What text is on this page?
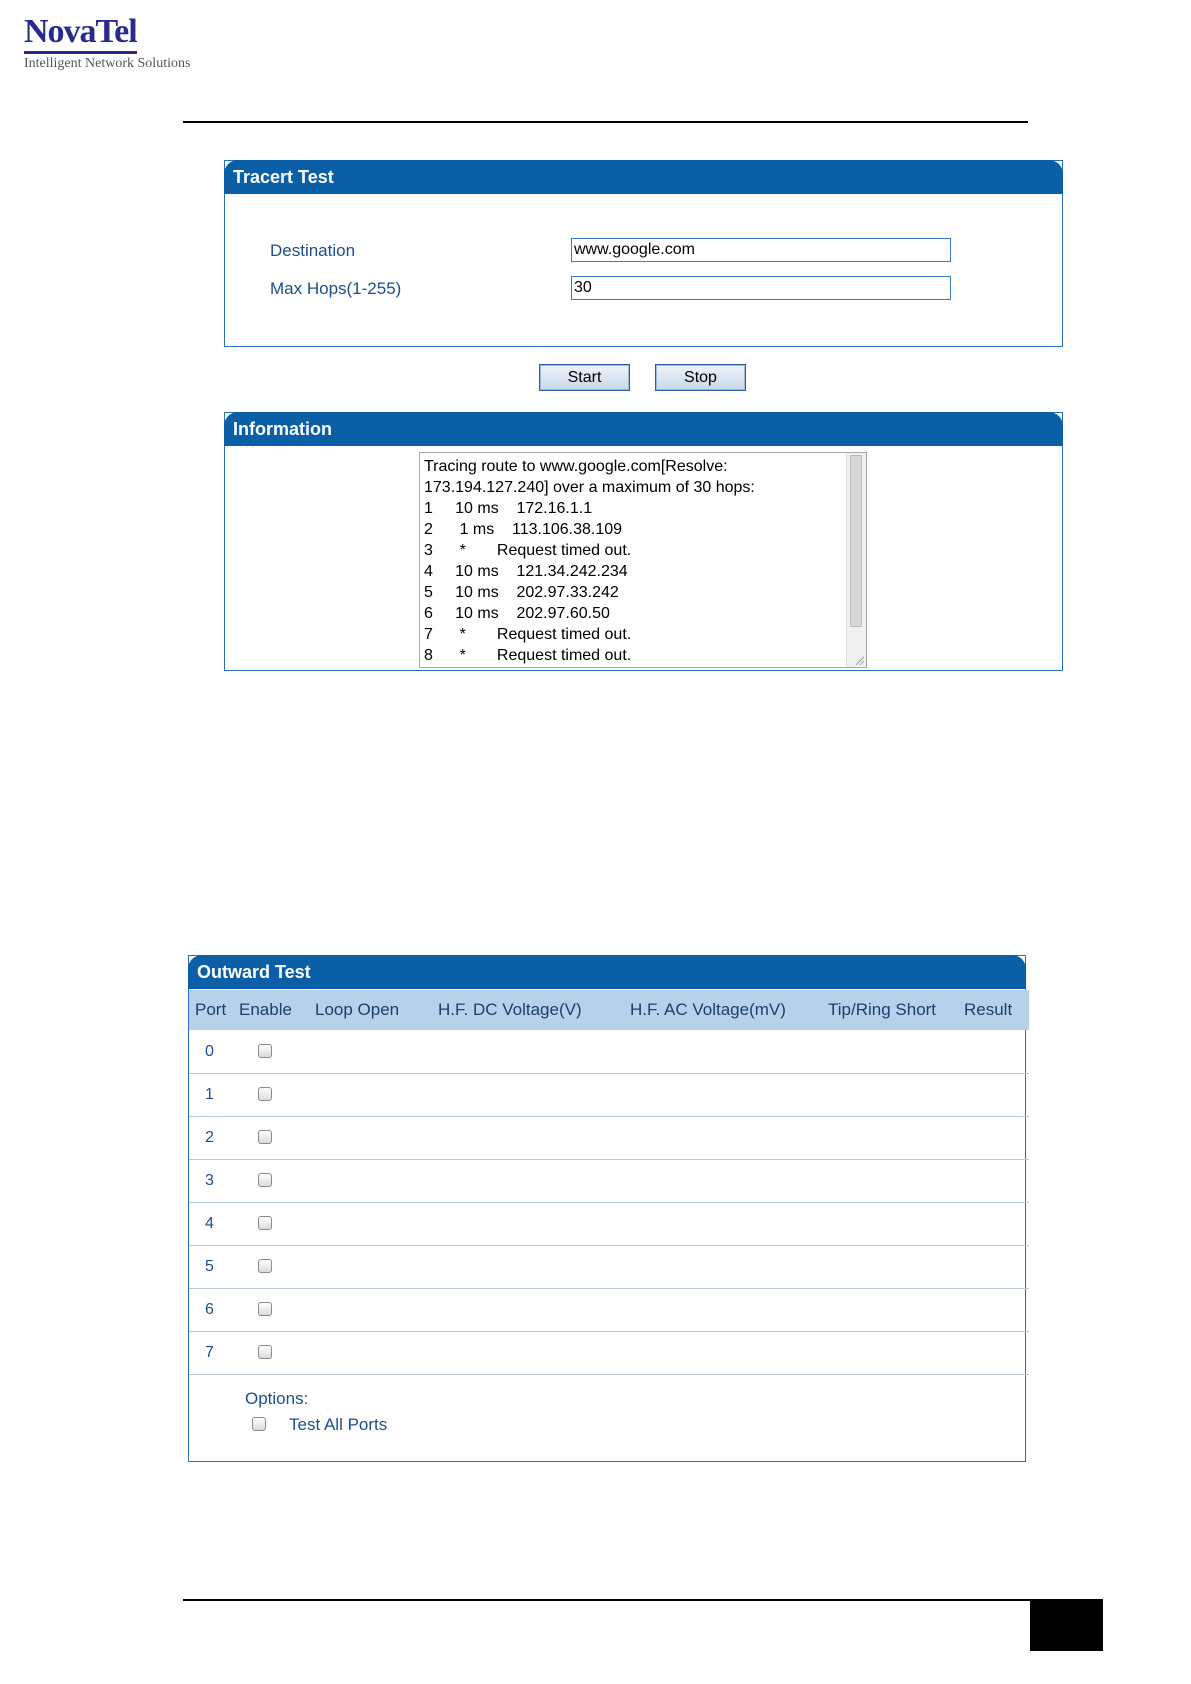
NovaTel
Intelligent Network Solutions
Tracert Test
Destination
www.google.com
Max Hops(1-255)
30
Start	Stop
Information
Tracing route to www.google.com[Resolve:
173.194.127.240] over a maximum of 30 hops:
1     10 ms    172.16.1.1
2      1 ms    113.106.38.109
3      *       Request timed out.
4     10 ms    121.34.242.234
5     10 ms    202.97.33.242
6     10 ms    202.97.60.50
7      *       Request timed out.
8      *       Request timed out.
Outward Test
Port Enable Loop Open H.F. DC Voltage(V)	H.F. AC Voltage(mV) Tip/Ring Short Result
0
1
2
3
4
5
6
7
Options:
Test All Ports
